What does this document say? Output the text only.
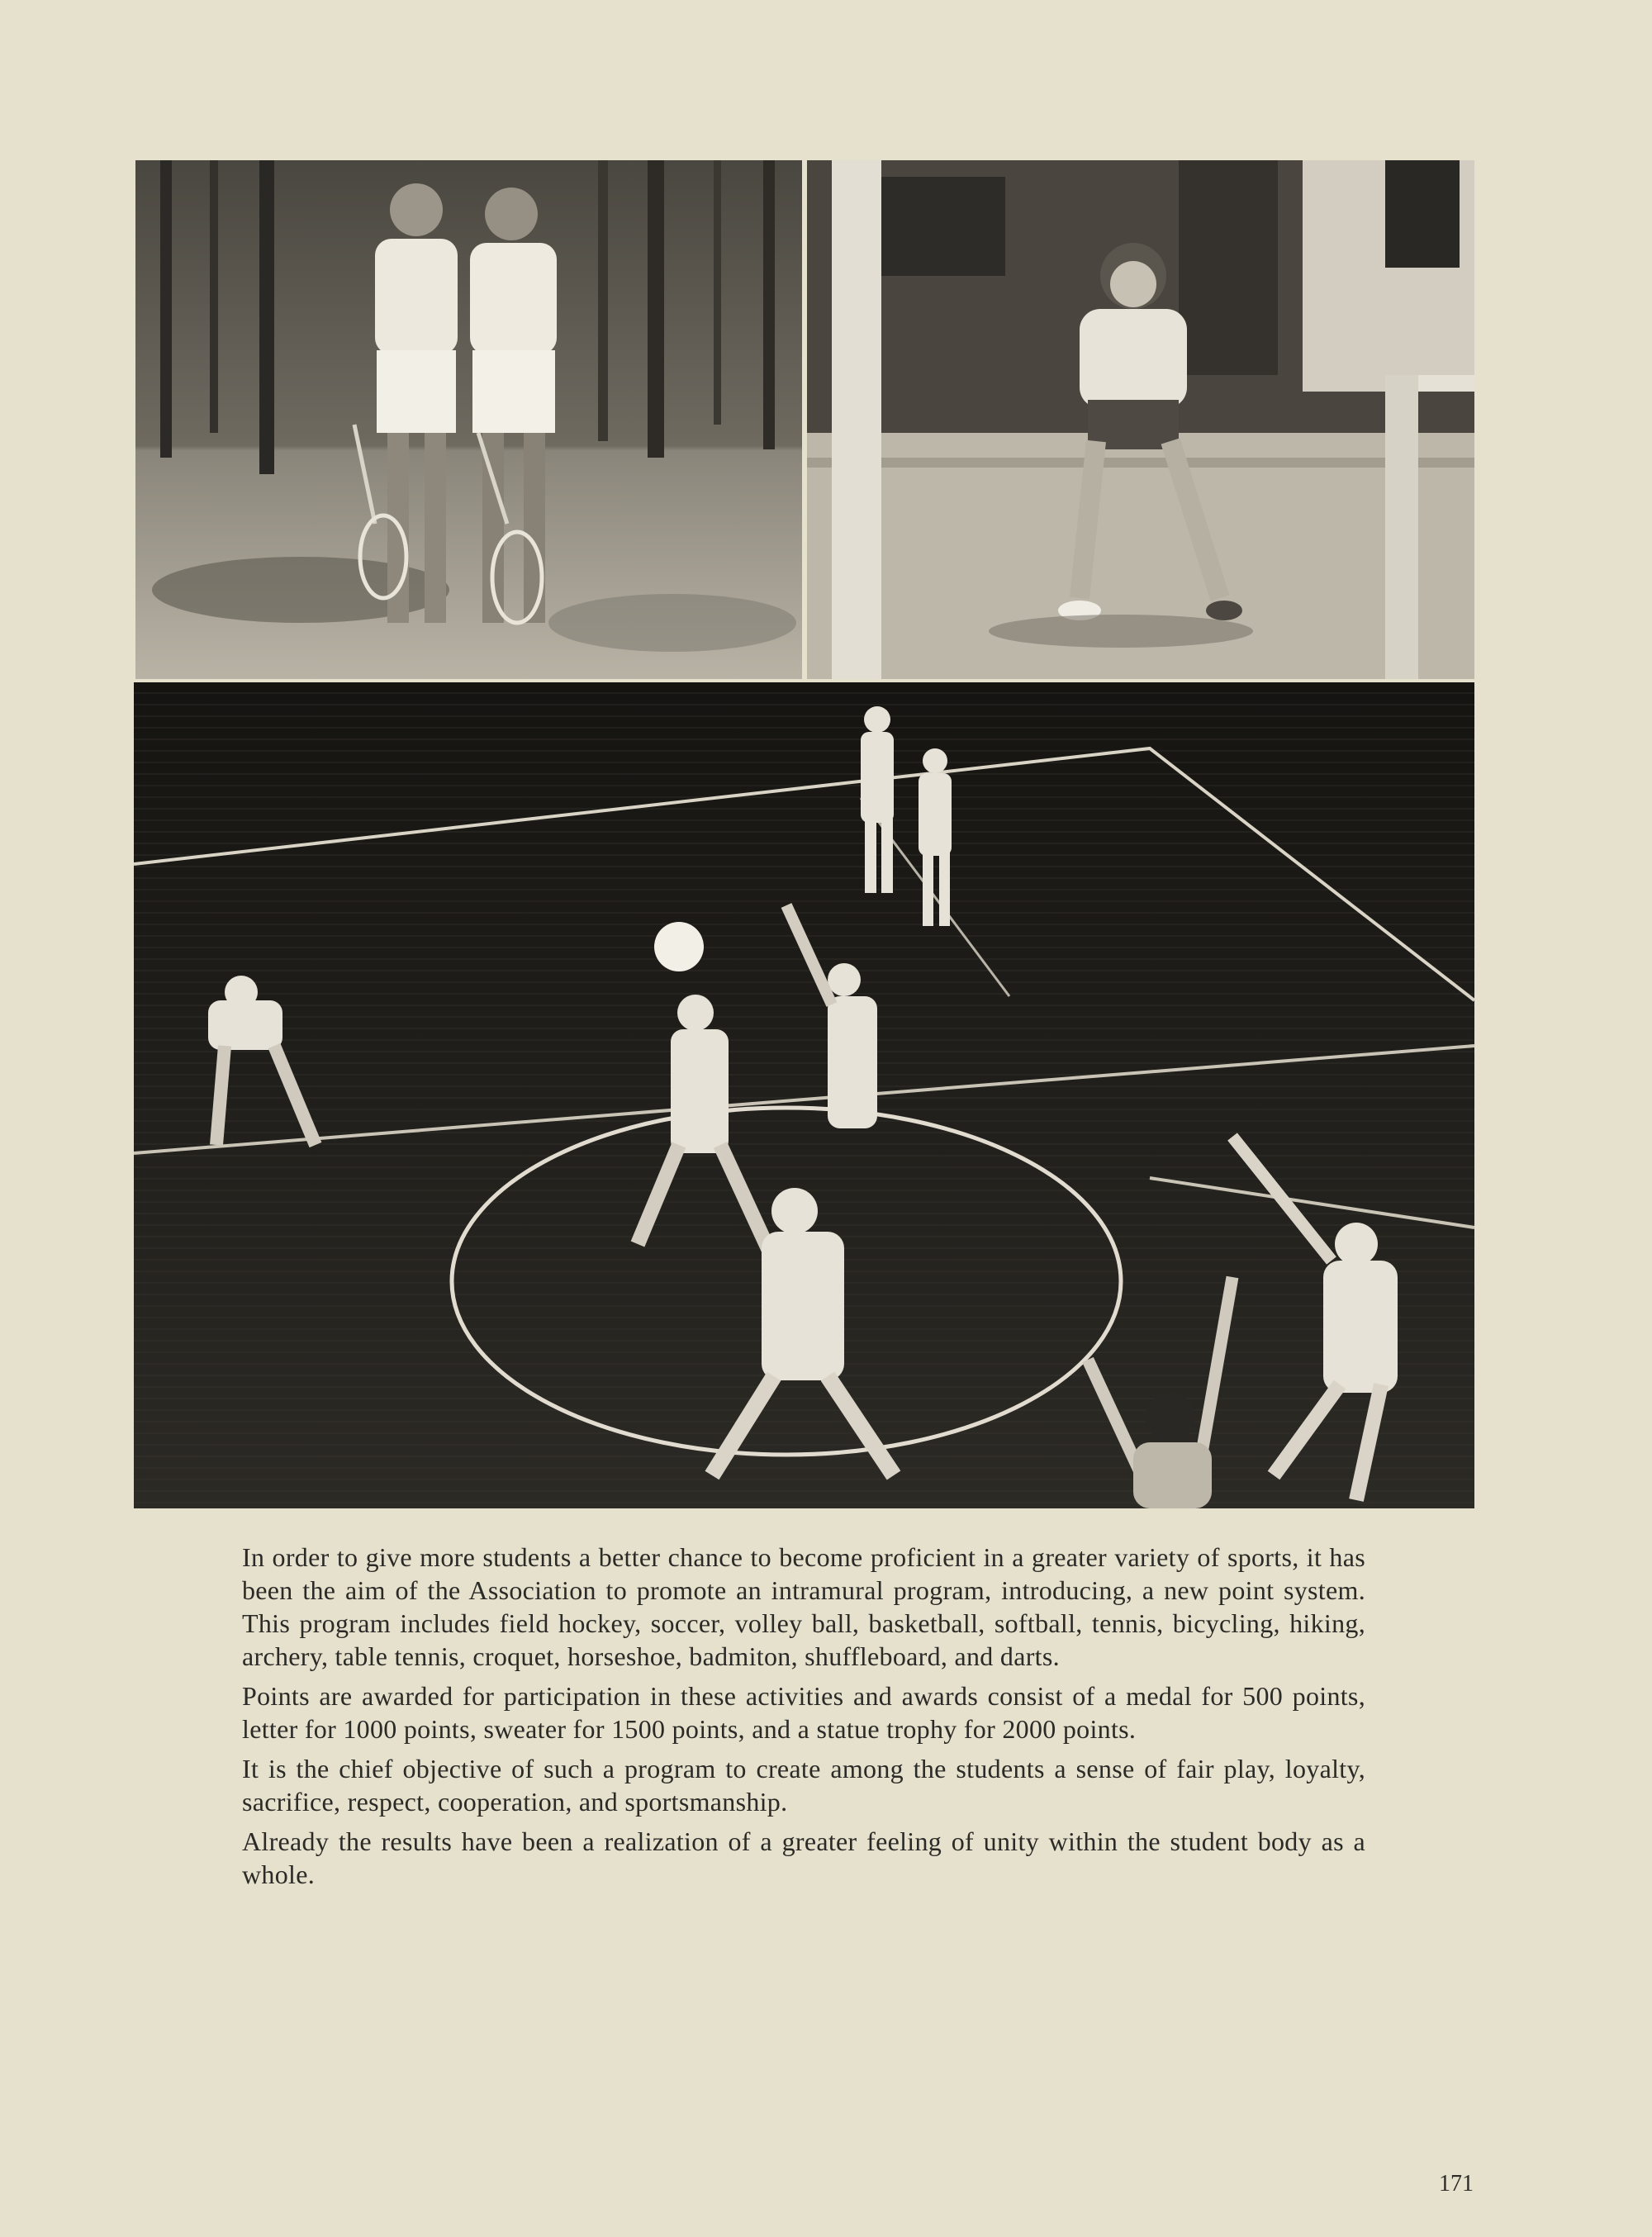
In order to give more students a better chance to become proficient in a greater variety of sports, it has been the aim of the Association to promote an intramural program, introducing, a new point system. This program includes field hockey, soccer, volley ball, basketball, softball, tennis, bicycling, hiking, archery, table tennis, croquet, horseshoe, badmiton, shuffleboard, and darts.

Points are awarded for participation in these activities and awards consist of a medal for 500 points, letter for 1000 points, sweater for 1500 points, and a statue trophy for 2000 points.

It is the chief objective of such a program to create among the students a sense of fair play, loyalty, sacrifice, respect, cooperation, and sportsmanship.

Already the results have been a realization of a greater feeling of unity within the student body as a whole.

171
